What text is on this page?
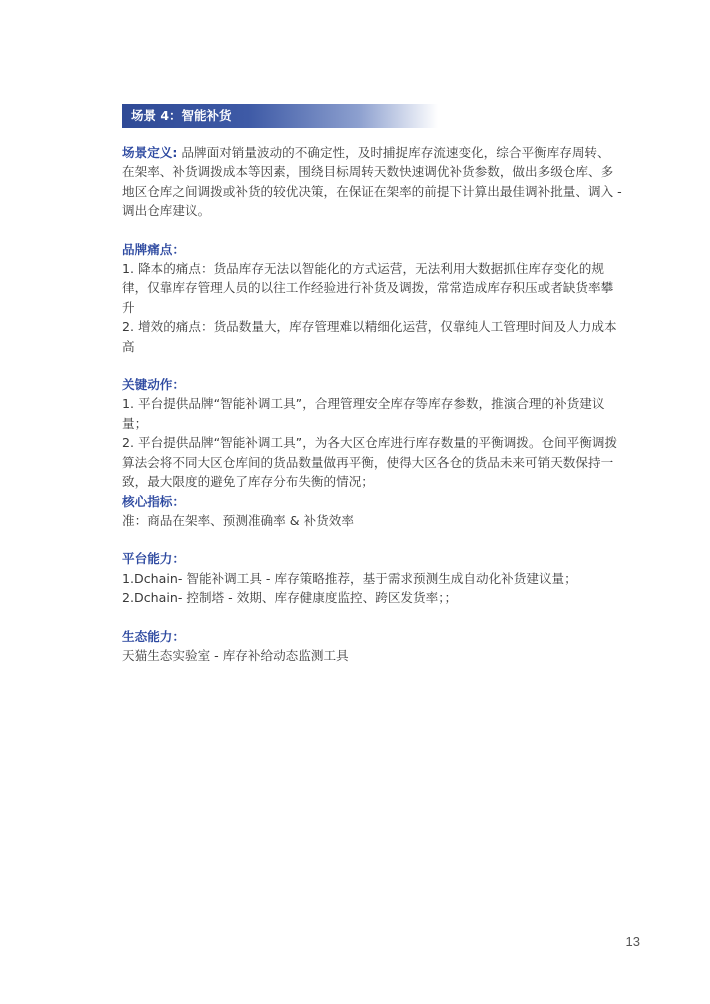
场景 4：智能补货

场景定义: 品牌面对销量波动的不确定性，及时捕捉库存流速变化，综合平衡库存周转、在架率、补货调拨成本等因素，围绕目标周转天数快速调优补货参数，做出多级仓库、多地区仓库之间调拨或补货的较优决策，在保证在架率的前提下计算出最佳调补批量、调入 - 调出仓库建议。

品牌痛点：

1. 降本的痛点：货品库存无法以智能化的方式运营，无法利用大数据抓住库存变化的规律，仅靠库存管理人员的以往工作经验进行补货及调拨，常常造成库存积压或者缺货率攀升

2. 增效的痛点：货品数量大，库存管理难以精细化运营，仅靠纯人工管理时间及人力成本高

关键动作：

1. 平台提供品牌“智能补调工具”，合理管理安全库存等库存参数，推演合理的补货建议量；

2. 平台提供品牌“智能补调工具”，为各大区仓库进行库存数量的平衡调拨。仓间平衡调拨算法会将不同大区仓库间的货品数量做再平衡，使得大区各仓的货品未来可销天数保持一致，最大限度的避免了库存分布失衡的情况；

核心指标：

准：商品在架率、预测准确率 & 补货效率

平台能力：

1.Dchain- 智能补调工具 - 库存策略推荐，基于需求预测生成自动化补货建议量；

2.Dchain- 控制塔 - 效期、库存健康度监控、跨区发货率；；

生态能力：

天猫生态实验室 - 库存补给动态监测工具

13
